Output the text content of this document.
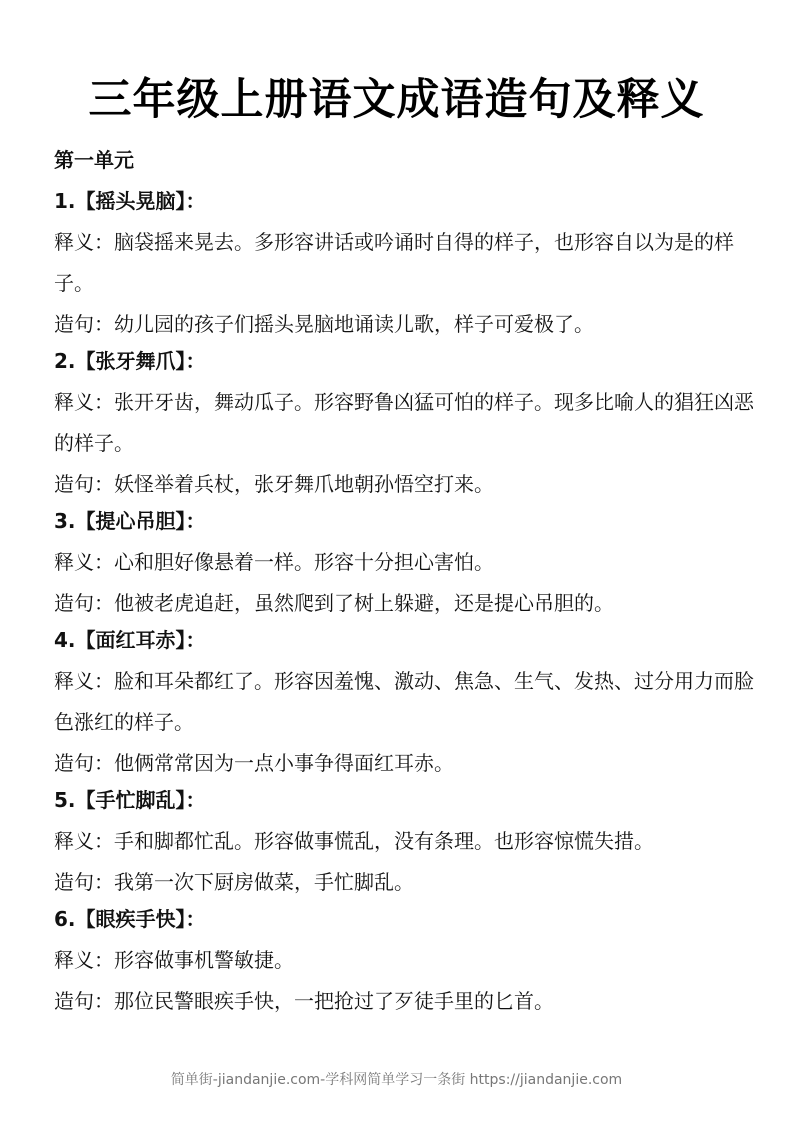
三年级上册语文成语造句及释义
第一单元
1.【摇头晃脑】：
释义：脑袋摇来晃去。多形容讲话或吟诵时自得的样子，也形容自以为是的样子。
造句：幼儿园的孩子们摇头晃脑地诵读儿歌，样子可爱极了。
2.【张牙舞爪】：
释义：张开牙齿，舞动瓜子。形容野鲁凶猛可怕的样子。现多比喻人的猖狂凶恶的样子。
造句：妖怪举着兵杖，张牙舞爪地朝孙悟空打来。
3.【提心吊胆】：
释义：心和胆好像悬着一样。形容十分担心害怕。
造句：他被老虎追赶，虽然爬到了树上躲避，还是提心吊胆的。
4.【面红耳赤】：
释义：脸和耳朵都红了。形容因羞愧、激动、焦急、生气、发热、过分用力而脸色涨红的样子。
造句：他俩常常因为一点小事争得面红耳赤。
5.【手忙脚乱】：
释义：手和脚都忙乱。形容做事慌乱，没有条理。也形容惊慌失措。
造句：我第一次下厨房做菜，手忙脚乱。
6.【眼疾手快】：
释义：形容做事机警敏捷。
造句：那位民警眼疾手快，一把抢过了歹徒手里的匕首。
简单街-jiandanjie.com-学科网简单学习一条街 https://jiandanjie.com
